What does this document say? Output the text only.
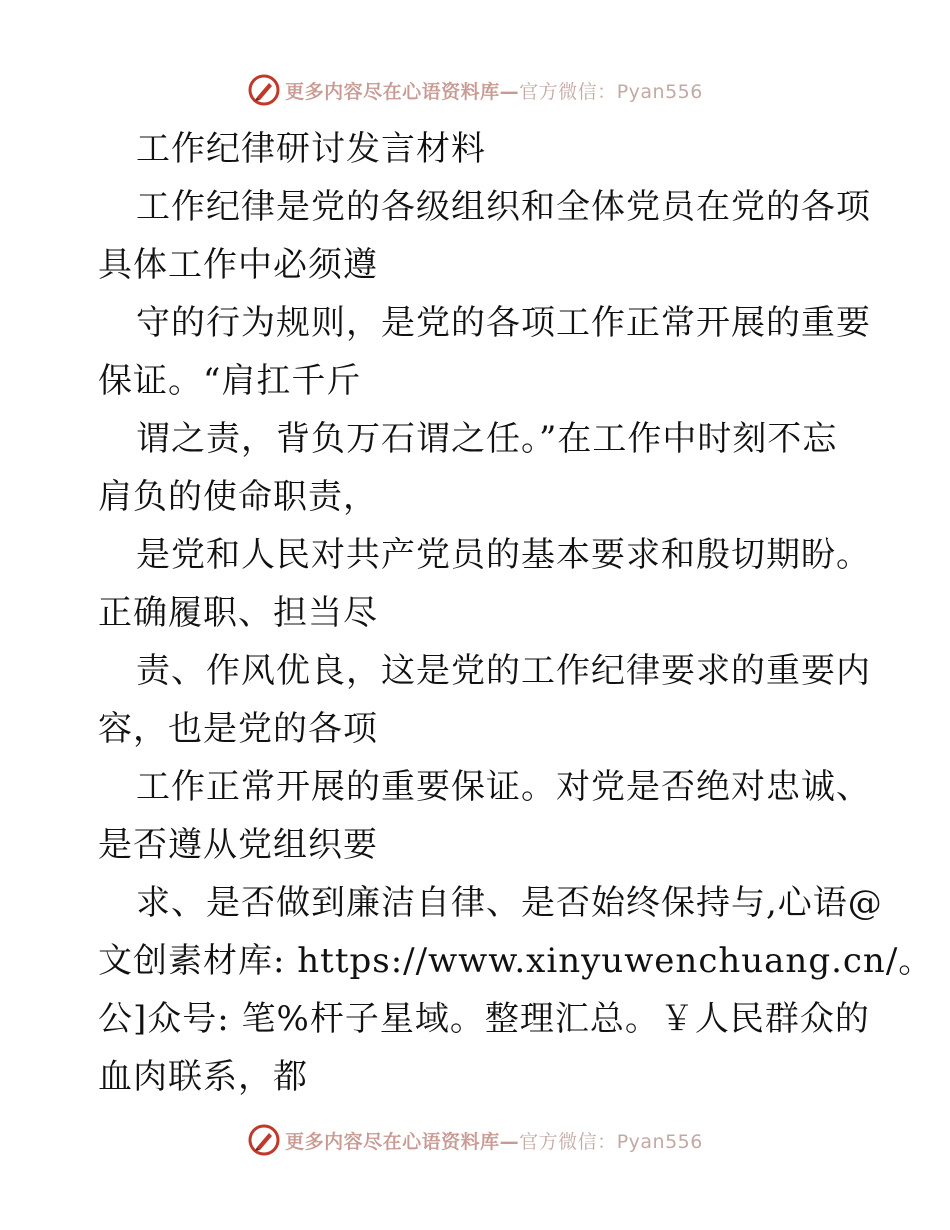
更多内容尽在心语资料库—官方微信：Pyan556
工作纪律研讨发言材料
工作纪律是党的各级组织和全体党员在党的各项
具体工作中必须遵
守的行为规则，是党的各项工作正常开展的重要
保证。“肩扛千斤
谓之责，背负万石谓之任。”在工作中时刻不忘
肩负的使命职责，
是党和人民对共产党员的基本要求和殷切期盼。
正确履职、担当尽
责、作风优良，这是党的工作纪律要求的重要内
容，也是党的各项
工作正常开展的重要保证。对党是否绝对忠诚、
是否遵从党组织要
求、是否做到廉洁自律、是否始终保持与,心语@
文创素材库: https://www.xinyuwenchuang.cn/。
公]众号: 笔%杆子星域。整理汇总。￥人民群众的
血肉联系，都
更多内容尽在心语资料库—官方微信：Pyan556
